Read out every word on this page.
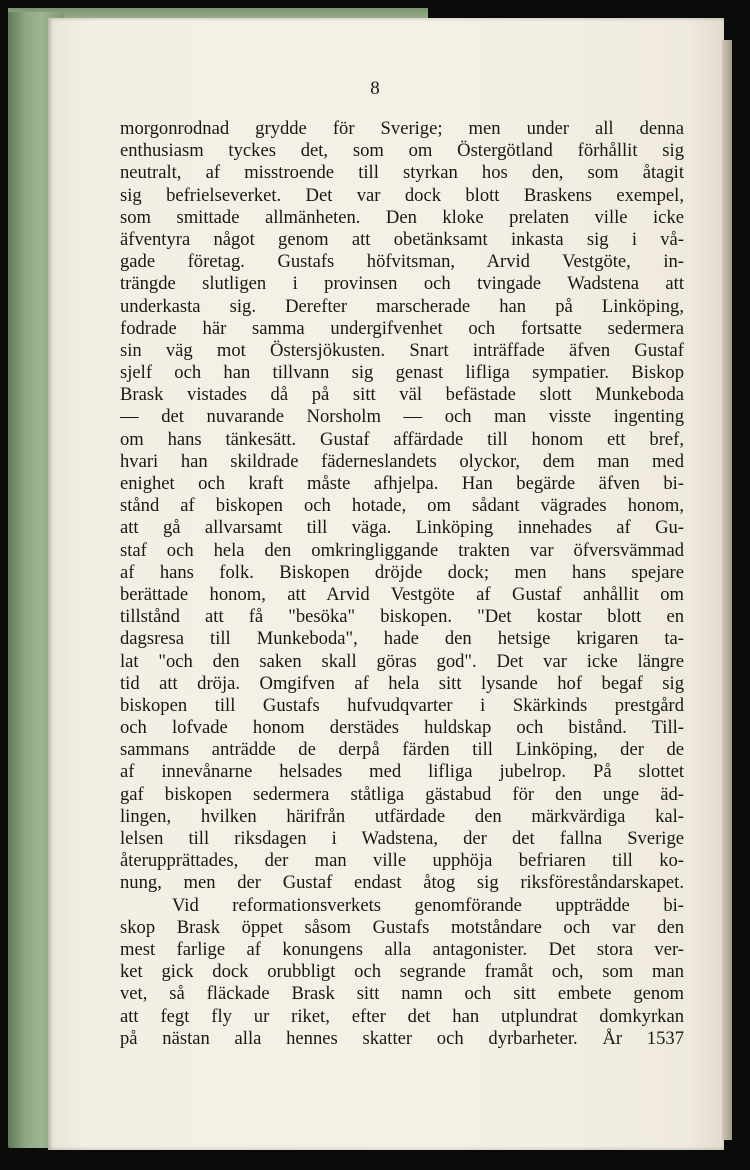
8
morgonrodnad grydde för Sverige; men under all denna
enthusiasm tyckes det, som om Östergötland förhållit sig
neutralt, af misstroende till styrkan hos den, som åtagit
sig befrielseverket. Det var dock blott Braskens exempel,
som smittade allmänheten. Den kloke prelaten ville icke
äfventyra något genom att obetänksamt inkasta sig i vå-
gade företag. Gustafs höfvitsman, Arvid Vestgöte, in-
trängde slutligen i provinsen och tvingade Wadstena att
underkasta sig. Derefter marscherade han på Linköping,
fodrade här samma undergifvenhet och fortsatte sedermera
sin väg mot Östersjökusten. Snart inträffade äfven Gustaf
sjelf och han tillvann sig genast lifliga sympatier. Biskop
Brask vistades då på sitt väl befästade slott Munkeboda
— det nuvarande Norsholm — och man visste ingenting
om hans tänkesätt. Gustaf affärdade till honom ett bref,
hvari han skildrade fäderneslandets olyckor, dem man med
enighet och kraft måste afhjelpa. Han begärde äfven bi-
stånd af biskopen och hotade, om sådant vägrades honom,
att gå allvarsamt till väga. Linköping innehades af Gu-
staf och hela den omkringliggande trakten var öfversvämmad
af hans folk. Biskopen dröjde dock; men hans spejare
berättade honom, att Arvid Vestgöte af Gustaf anhållit om
tillstånd att få "besöka" biskopen. "Det kostar blott en
dagsresa till Munkeboda", hade den hetsige krigaren ta-
lat "och den saken skall göras god". Det var icke längre
tid att dröja. Omgifven af hela sitt lysande hof begaf sig
biskopen till Gustafs hufvudqvarter i Skärkinds prestgård
och lofvade honom derstädes huldskap och bistånd. Till-
sammans anträdde de derpå färden till Linköping, der de
af innevånarne helsades med lifliga jubelrop. På slottet
gaf biskopen sedermera ståtliga gästabud för den unge äd-
lingen, hvilken härifrån utfärdade den märkvärdiga kal-
lelsen till riksdagen i Wadstena, der det fallna Sverige
återupprättades, der man ville upphöja befriaren till ko-
nung, men der Gustaf endast åtog sig riksföreståndarskapet.
Vid reformationsverkets genomförande uppträdde bi-
skop Brask öppet såsom Gustafs motståndare och var den
mest farlige af konungens alla antagonister. Det stora ver-
ket gick dock orubbligt och segrande framåt och, som man
vet, så fläckade Brask sitt namn och sitt embete genom
att fegt fly ur riket, efter det han utplundrat domkyrkan
på nästan alla hennes skatter och dyrbarheter. År 1537
